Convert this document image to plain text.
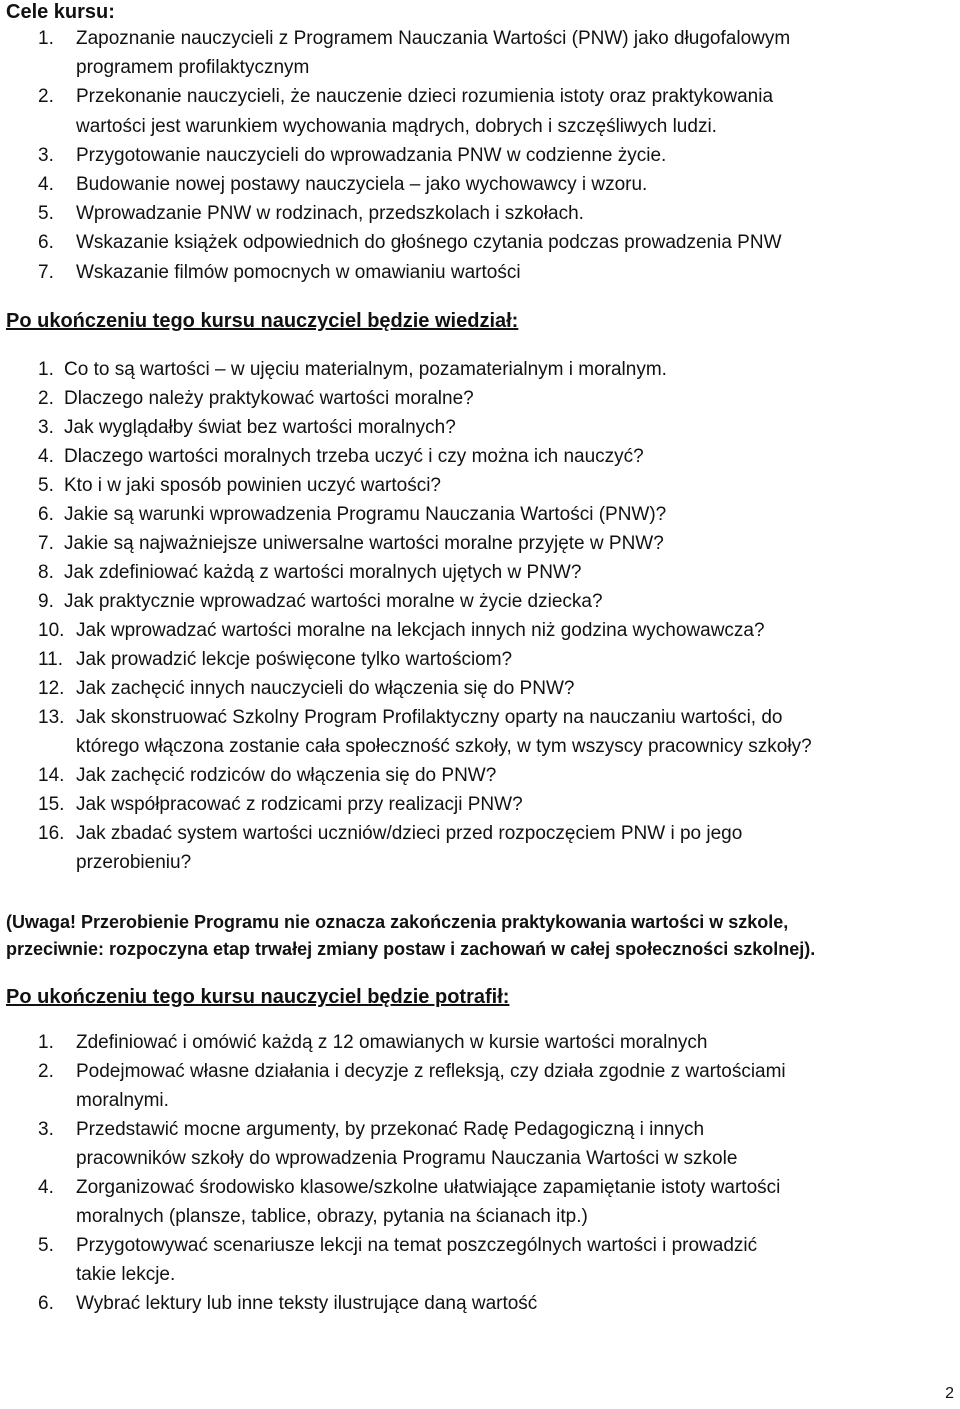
Cele kursu:
1. Zapoznanie nauczycieli z Programem Nauczania Wartości (PNW) jako długofalowym
programem profilaktycznym
2. Przekonanie nauczycieli, że nauczenie dzieci rozumienia istoty oraz praktykowania
wartości jest warunkiem wychowania mądrych, dobrych i szczęśliwych ludzi.
3. Przygotowanie nauczycieli do wprowadzania PNW w codzienne życie.
4. Budowanie nowej postawy nauczyciela – jako wychowawcy i wzoru.
5. Wprowadzanie PNW w rodzinach, przedszkolach i szkołach.
6. Wskazanie książek odpowiednich do głośnego czytania podczas prowadzenia PNW
7. Wskazanie filmów pomocnych w omawianiu wartości
Po ukończeniu tego kursu nauczyciel będzie wiedział:
1. Co to są wartości – w ujęciu materialnym, pozamaterialnym i moralnym.
2. Dlaczego należy praktykować wartości moralne?
3. Jak wyglądałby świat bez wartości moralnych?
4. Dlaczego wartości moralnych trzeba uczyć i czy można ich nauczyć?
5. Kto i w jaki sposób powinien uczyć wartości?
6. Jakie są warunki wprowadzenia Programu Nauczania Wartości (PNW)?
7. Jakie są najważniejsze uniwersalne wartości moralne przyjęte w PNW?
8. Jak zdefiniować każdą z wartości moralnych ujętych w PNW?
9. Jak praktycznie wprowadzać wartości moralne w życie dziecka?
10. Jak wprowadzać wartości moralne na lekcjach innych niż godzina wychowawcza?
11. Jak prowadzić lekcje poświęcone tylko wartościom?
12. Jak zachęcić innych nauczycieli do włączenia się do PNW?
13. Jak skonstruować Szkolny Program Profilaktyczny oparty na nauczaniu wartości, do
którego włączona zostanie cała społeczność szkoły, w tym wszyscy pracownicy szkoły?
14. Jak zachęcić rodziców do włączenia się do PNW?
15. Jak współpracować z rodzicami przy realizacji PNW?
16. Jak zbadać system wartości uczniów/dzieci przed rozpoczęciem PNW i po jego
przerobieniu?
(Uwaga! Przerobienie Programu nie oznacza zakończenia praktykowania wartości w szkole,
przeciwnie: rozpoczyna etap trwałej zmiany postaw i zachowań w całej społeczności szkolnej).
Po ukończeniu tego kursu nauczyciel będzie potrafił:
1. Zdefiniować i omówić każdą z 12 omawianych w kursie wartości moralnych
2. Podejmować własne działania i decyzje z refleksją, czy działa zgodnie z wartościami
moralnymi.
3. Przedstawić mocne argumenty, by przekonać Radę Pedagogiczną i innych
pracowników szkoły do wprowadzenia Programu Nauczania Wartości w szkole
4. Zorganizować środowisko klasowe/szkolne ułatwiające zapamiętanie istoty wartości
moralnych (plansze, tablice, obrazy, pytania na ścianach itp.)
5. Przygotowywać scenariusze lekcji na temat poszczególnych wartości i prowadzić
takie lekcje.
6. Wybrać lektury lub inne teksty ilustrujące daną wartość
2
